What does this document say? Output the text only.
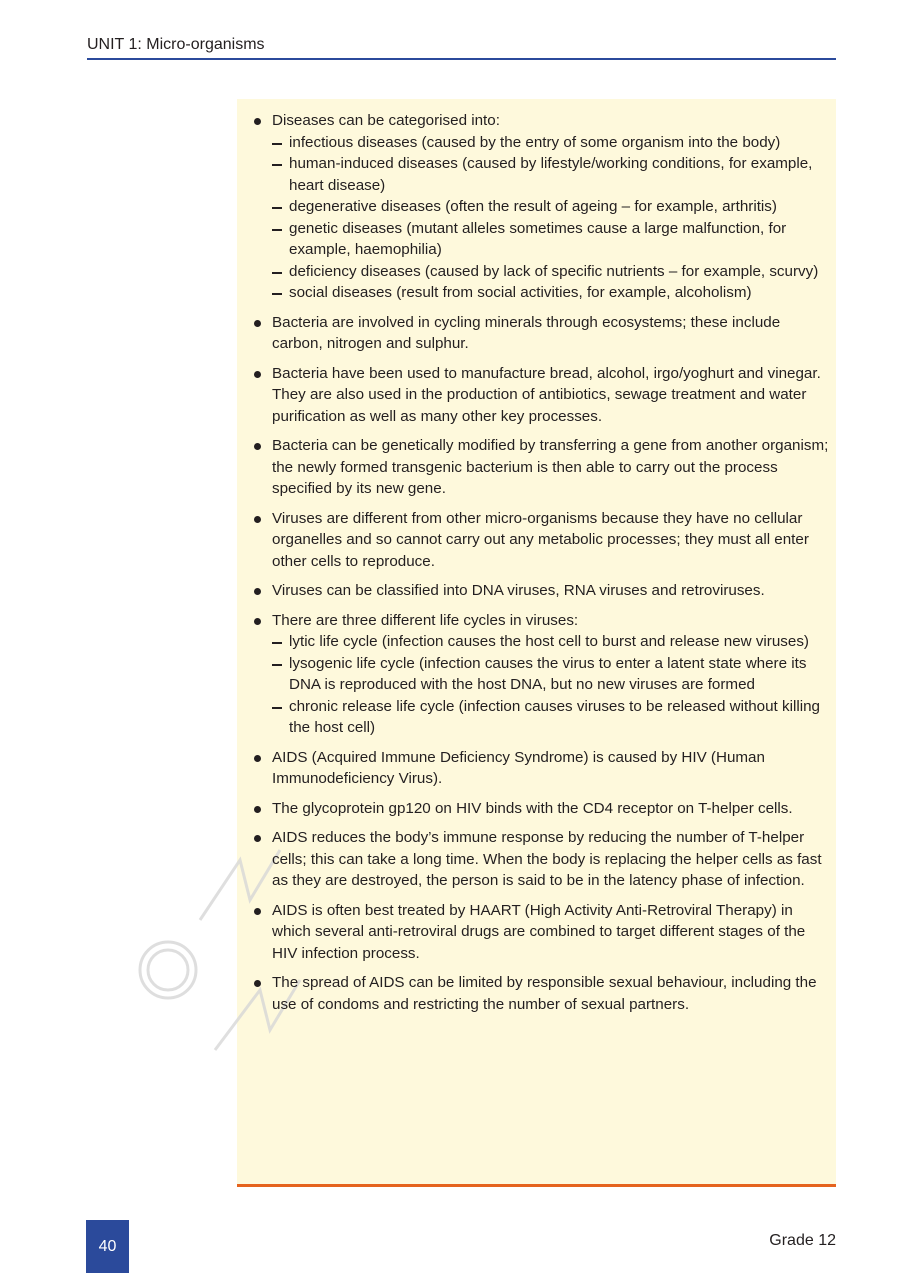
UNIT 1: Micro-organisms
Diseases can be categorised into:
infectious diseases (caused by the entry of some organism into the body)
human-induced diseases (caused by lifestyle/working conditions, for example, heart disease)
degenerative diseases (often the result of ageing – for example, arthritis)
genetic diseases (mutant alleles sometimes cause a large malfunction, for example, haemophilia)
deficiency diseases (caused by lack of specific nutrients – for example, scurvy)
social diseases (result from social activities, for example, alcoholism)
Bacteria are involved in cycling minerals through ecosystems; these include carbon, nitrogen and sulphur.
Bacteria have been used to manufacture bread, alcohol, irgo/yoghurt and vinegar. They are also used in the production of antibiotics, sewage treatment and water purification as well as many other key processes.
Bacteria can be genetically modified by transferring a gene from another organism; the newly formed transgenic bacterium is then able to carry out the process specified by its new gene.
Viruses are different from other micro-organisms because they have no cellular organelles and so cannot carry out any metabolic processes; they must all enter other cells to reproduce.
Viruses can be classified into DNA viruses, RNA viruses and retroviruses.
There are three different life cycles in viruses:
lytic life cycle (infection causes the host cell to burst and release new viruses)
lysogenic life cycle (infection causes the virus to enter a latent state where its DNA is reproduced with the host DNA, but no new viruses are formed
chronic release life cycle (infection causes viruses to be released without killing the host cell)
AIDS (Acquired Immune Deficiency Syndrome) is caused by HIV (Human Immunodeficiency Virus).
The glycoprotein gp120 on HIV binds with the CD4 receptor on T-helper cells.
AIDS reduces the body’s immune response by reducing the number of T-helper cells; this can take a long time. When the body is replacing the helper cells as fast as they are destroyed, the person is said to be in the latency phase of infection.
AIDS is often best treated by HAART (High Activity Anti-Retroviral Therapy) in which several anti-retroviral drugs are combined to target different stages of the HIV infection process.
The spread of AIDS can be limited by responsible sexual behaviour, including the use of condoms and restricting the number of sexual partners.
40	Grade 12
